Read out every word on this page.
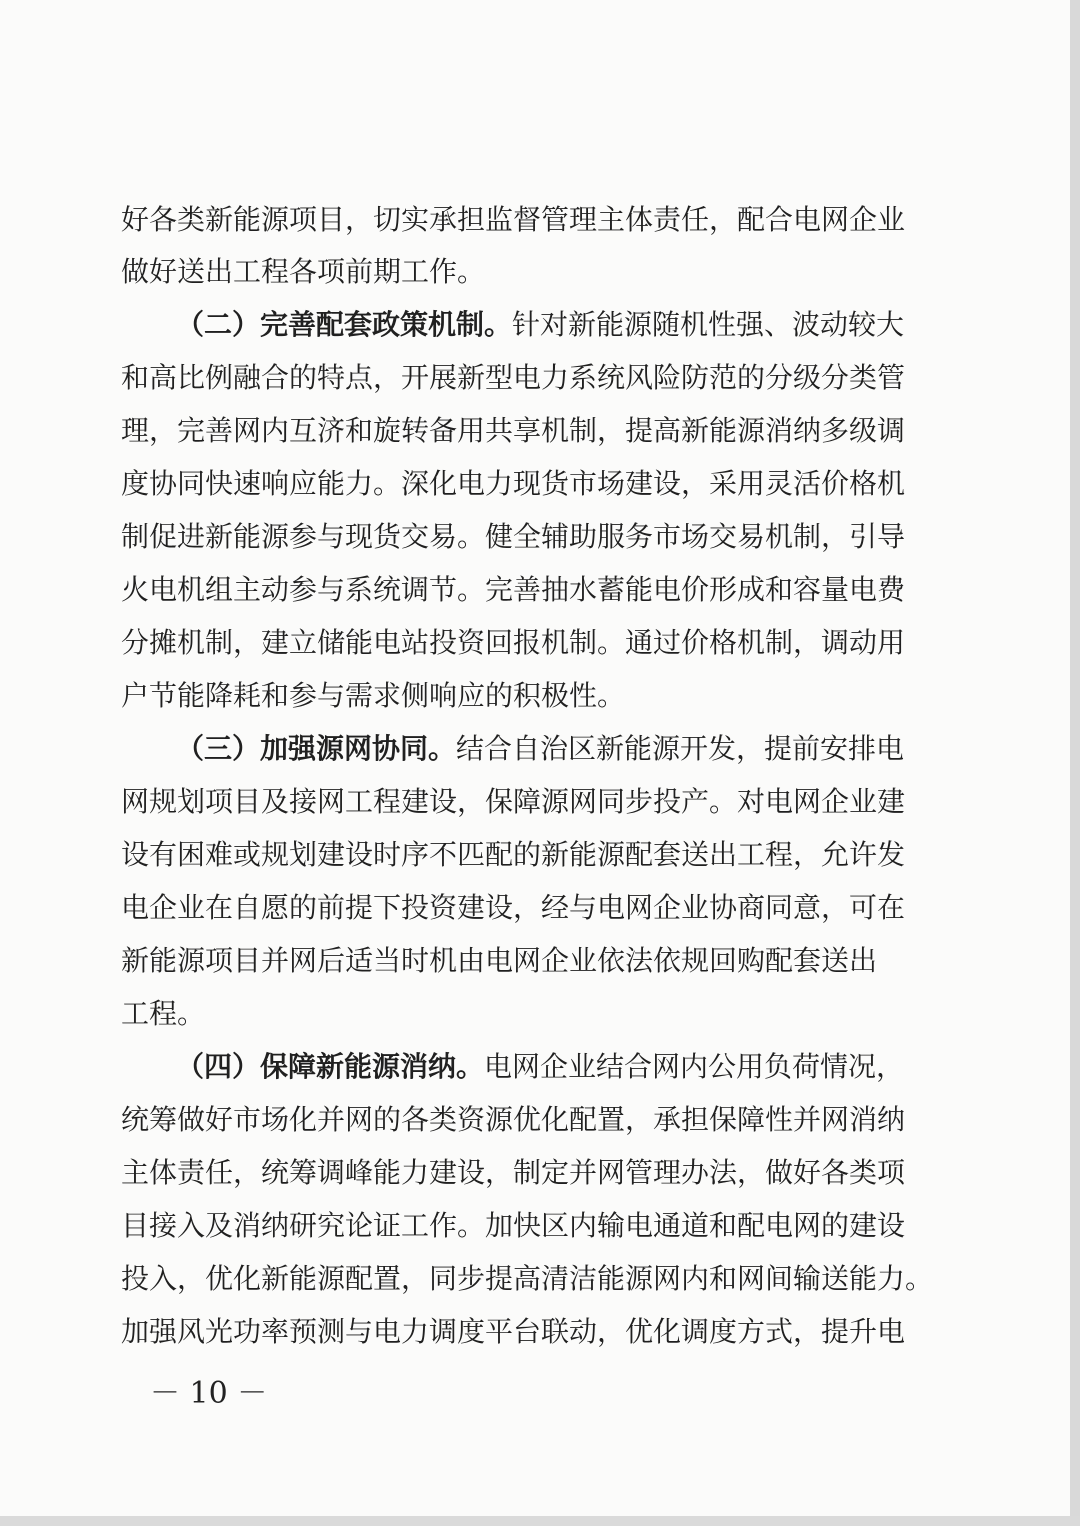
好各类新能源项目，切实承担监督管理主体责任，配合电网企业
做好送出工程各项前期工作。
（二）完善配套政策机制。针对新能源随机性强、波动较大
和高比例融合的特点，开展新型电力系统风险防范的分级分类管
理，完善网内互济和旋转备用共享机制，提高新能源消纳多级调
度协同快速响应能力。深化电力现货市场建设，采用灵活价格机
制促进新能源参与现货交易。健全辅助服务市场交易机制，引导
火电机组主动参与系统调节。完善抽水蓄能电价形成和容量电费
分摊机制，建立储能电站投资回报机制。通过价格机制，调动用
户节能降耗和参与需求侧响应的积极性。
（三）加强源网协同。结合自治区新能源开发，提前安排电
网规划项目及接网工程建设，保障源网同步投产。对电网企业建
设有困难或规划建设时序不匹配的新能源配套送出工程，允许发
电企业在自愿的前提下投资建设，经与电网企业协商同意，可在
新能源项目并网后适当时机由电网企业依法依规回购配套送出
工程。
（四）保障新能源消纳。电网企业结合网内公用负荷情况，
统筹做好市场化并网的各类资源优化配置，承担保障性并网消纳
主体责任，统筹调峰能力建设，制定并网管理办法，做好各类项
目接入及消纳研究论证工作。加快区内输电通道和配电网的建设
投入，优化新能源配置，同步提高清洁能源网内和网间输送能力。
加强风光功率预测与电力调度平台联动，优化调度方式，提升电
－ 10 －
